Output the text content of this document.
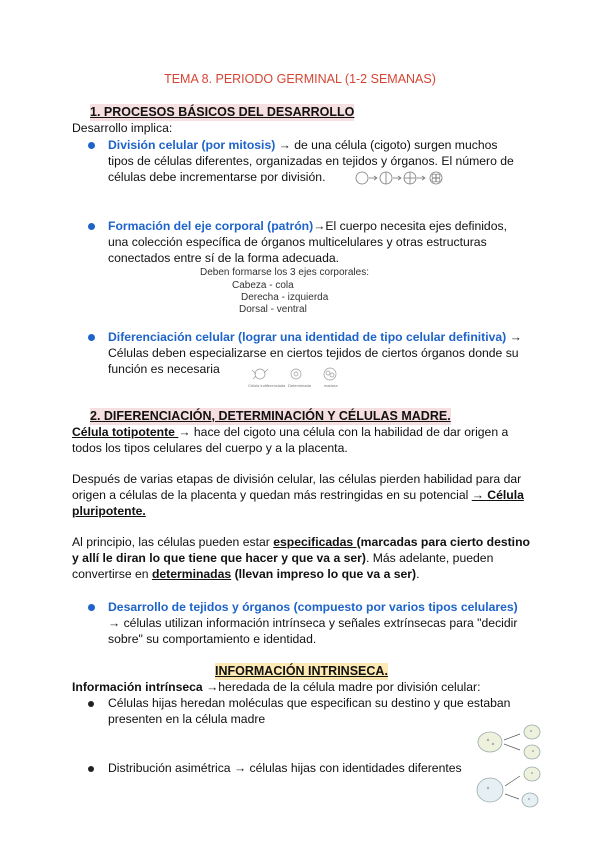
TEMA 8. PERIODO GERMINAL (1-2 SEMANAS)
1. PROCESOS BÁSICOS DEL DESARROLLO
Desarrollo implica:
División celular (por mitosis) → de una célula (cigoto) surgen muchos
tipos de células diferentes, organizadas en tejidos y órganos. El número de
células debe incrementarse por división.
Formación del eje corporal (patrón)→El cuerpo necesita ejes definidos,
una colección específica de órganos multicelulares y otras estructuras
conectados entre sí de la forma adecuada.
Deben formarse los 3 ejes corporales:
Cabeza - cola
Derecha - izquierda
Dorsal - ventral
Diferenciación celular (lograr una identidad de tipo celular definitiva) →
Células deben especializarse en ciertos tejidos de ciertos órganos donde su
función es necesaria
Célula indiferenciada Determinada	madura
2. DIFERENCIACIÓN, DETERMINACIÓN Y CÉLULAS MADRE.
Célula totipotente → hace del cigoto una célula con la habilidad de dar origen a
todos los tipos celulares del cuerpo y a la placenta.
Después de varias etapas de división celular, las células pierden habilidad para dar
origen a células de la placenta y quedan más restringidas en su potencial → Célula
pluripotente.
Al principio, las células pueden estar especificadas (marcadas para cierto destino
y allí le diran lo que tiene que hacer y que va a ser). Más adelante, pueden
convertirse en determinadas (llevan impreso lo que va a ser).
Desarrollo de tejidos y órganos (compuesto por varios tipos celulares)
→ células utilizan información intrínseca y señales extrínsecas para "decidir
sobre" su comportamiento e identidad.
INFORMACIÓN INTRINSECA.
Información intrínseca →heredada de la célula madre por división celular:
Células hijas heredan moléculas que especifican su destino y que estaban
presenten en la célula madre
Distribución asimétrica → células hijas con identidades diferentes
